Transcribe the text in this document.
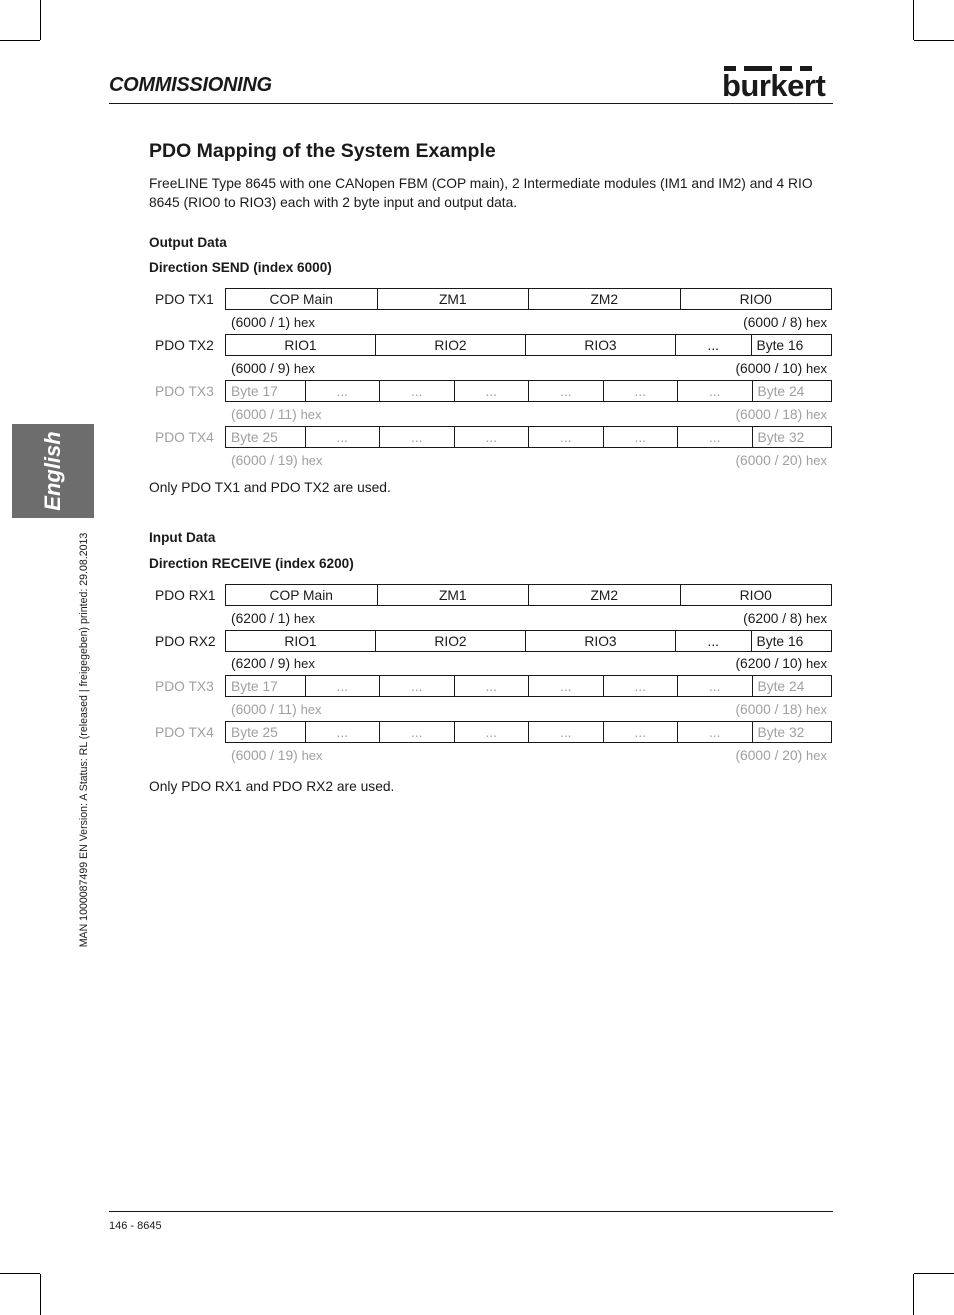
COMMISSIONING	burkert
English
MAN 1000087499 EN Version: A Status: RL (released | freigegeben) printed: 29.08.2013
PDO Mapping of the System Example
FreeLINE Type 8645 with one CANopen FBM (COP main), 2 Intermediate modules (IM1 and IM2) and 4 RIO 8645 (RIO0 to RIO3) each with 2 byte input and output data.
Output Data
Direction SEND (index 6000)
PDO TX1	COP Main	ZM1	ZM2	RIO0
(6000 / 1) hex	(6000 / 8) hex
PDO TX2	RIO1	RIO2	RIO3	...	Byte 16
(6000 / 9) hex	(6000 / 10) hex
PDO TX3	Byte 17	...	...	...	...	...	...	Byte 24
(6000 / 11) hex	(6000 / 18) hex
PDO TX4	Byte 25	...	...	...	...	...	...	Byte 32
(6000 / 19) hex	(6000 / 20) hex
Only PDO TX1 and PDO TX2 are used.
Input Data
Direction RECEIVE (index 6200)
PDO RX1	COP Main	ZM1	ZM2	RIO0
(6200 / 1) hex	(6200 / 8) hex
PDO RX2	RIO1	RIO2	RIO3	...	Byte 16
(6200 / 9) hex	(6200 / 10) hex
PDO TX3	Byte 17	...	...	...	...	...	...	Byte 24
(6000 / 11) hex	(6000 / 18) hex
PDO TX4	Byte 25	...	...	...	...	...	...	Byte 32
(6000 / 19) hex	(6000 / 20) hex
Only PDO RX1 and PDO RX2 are used.
146 - 8645
